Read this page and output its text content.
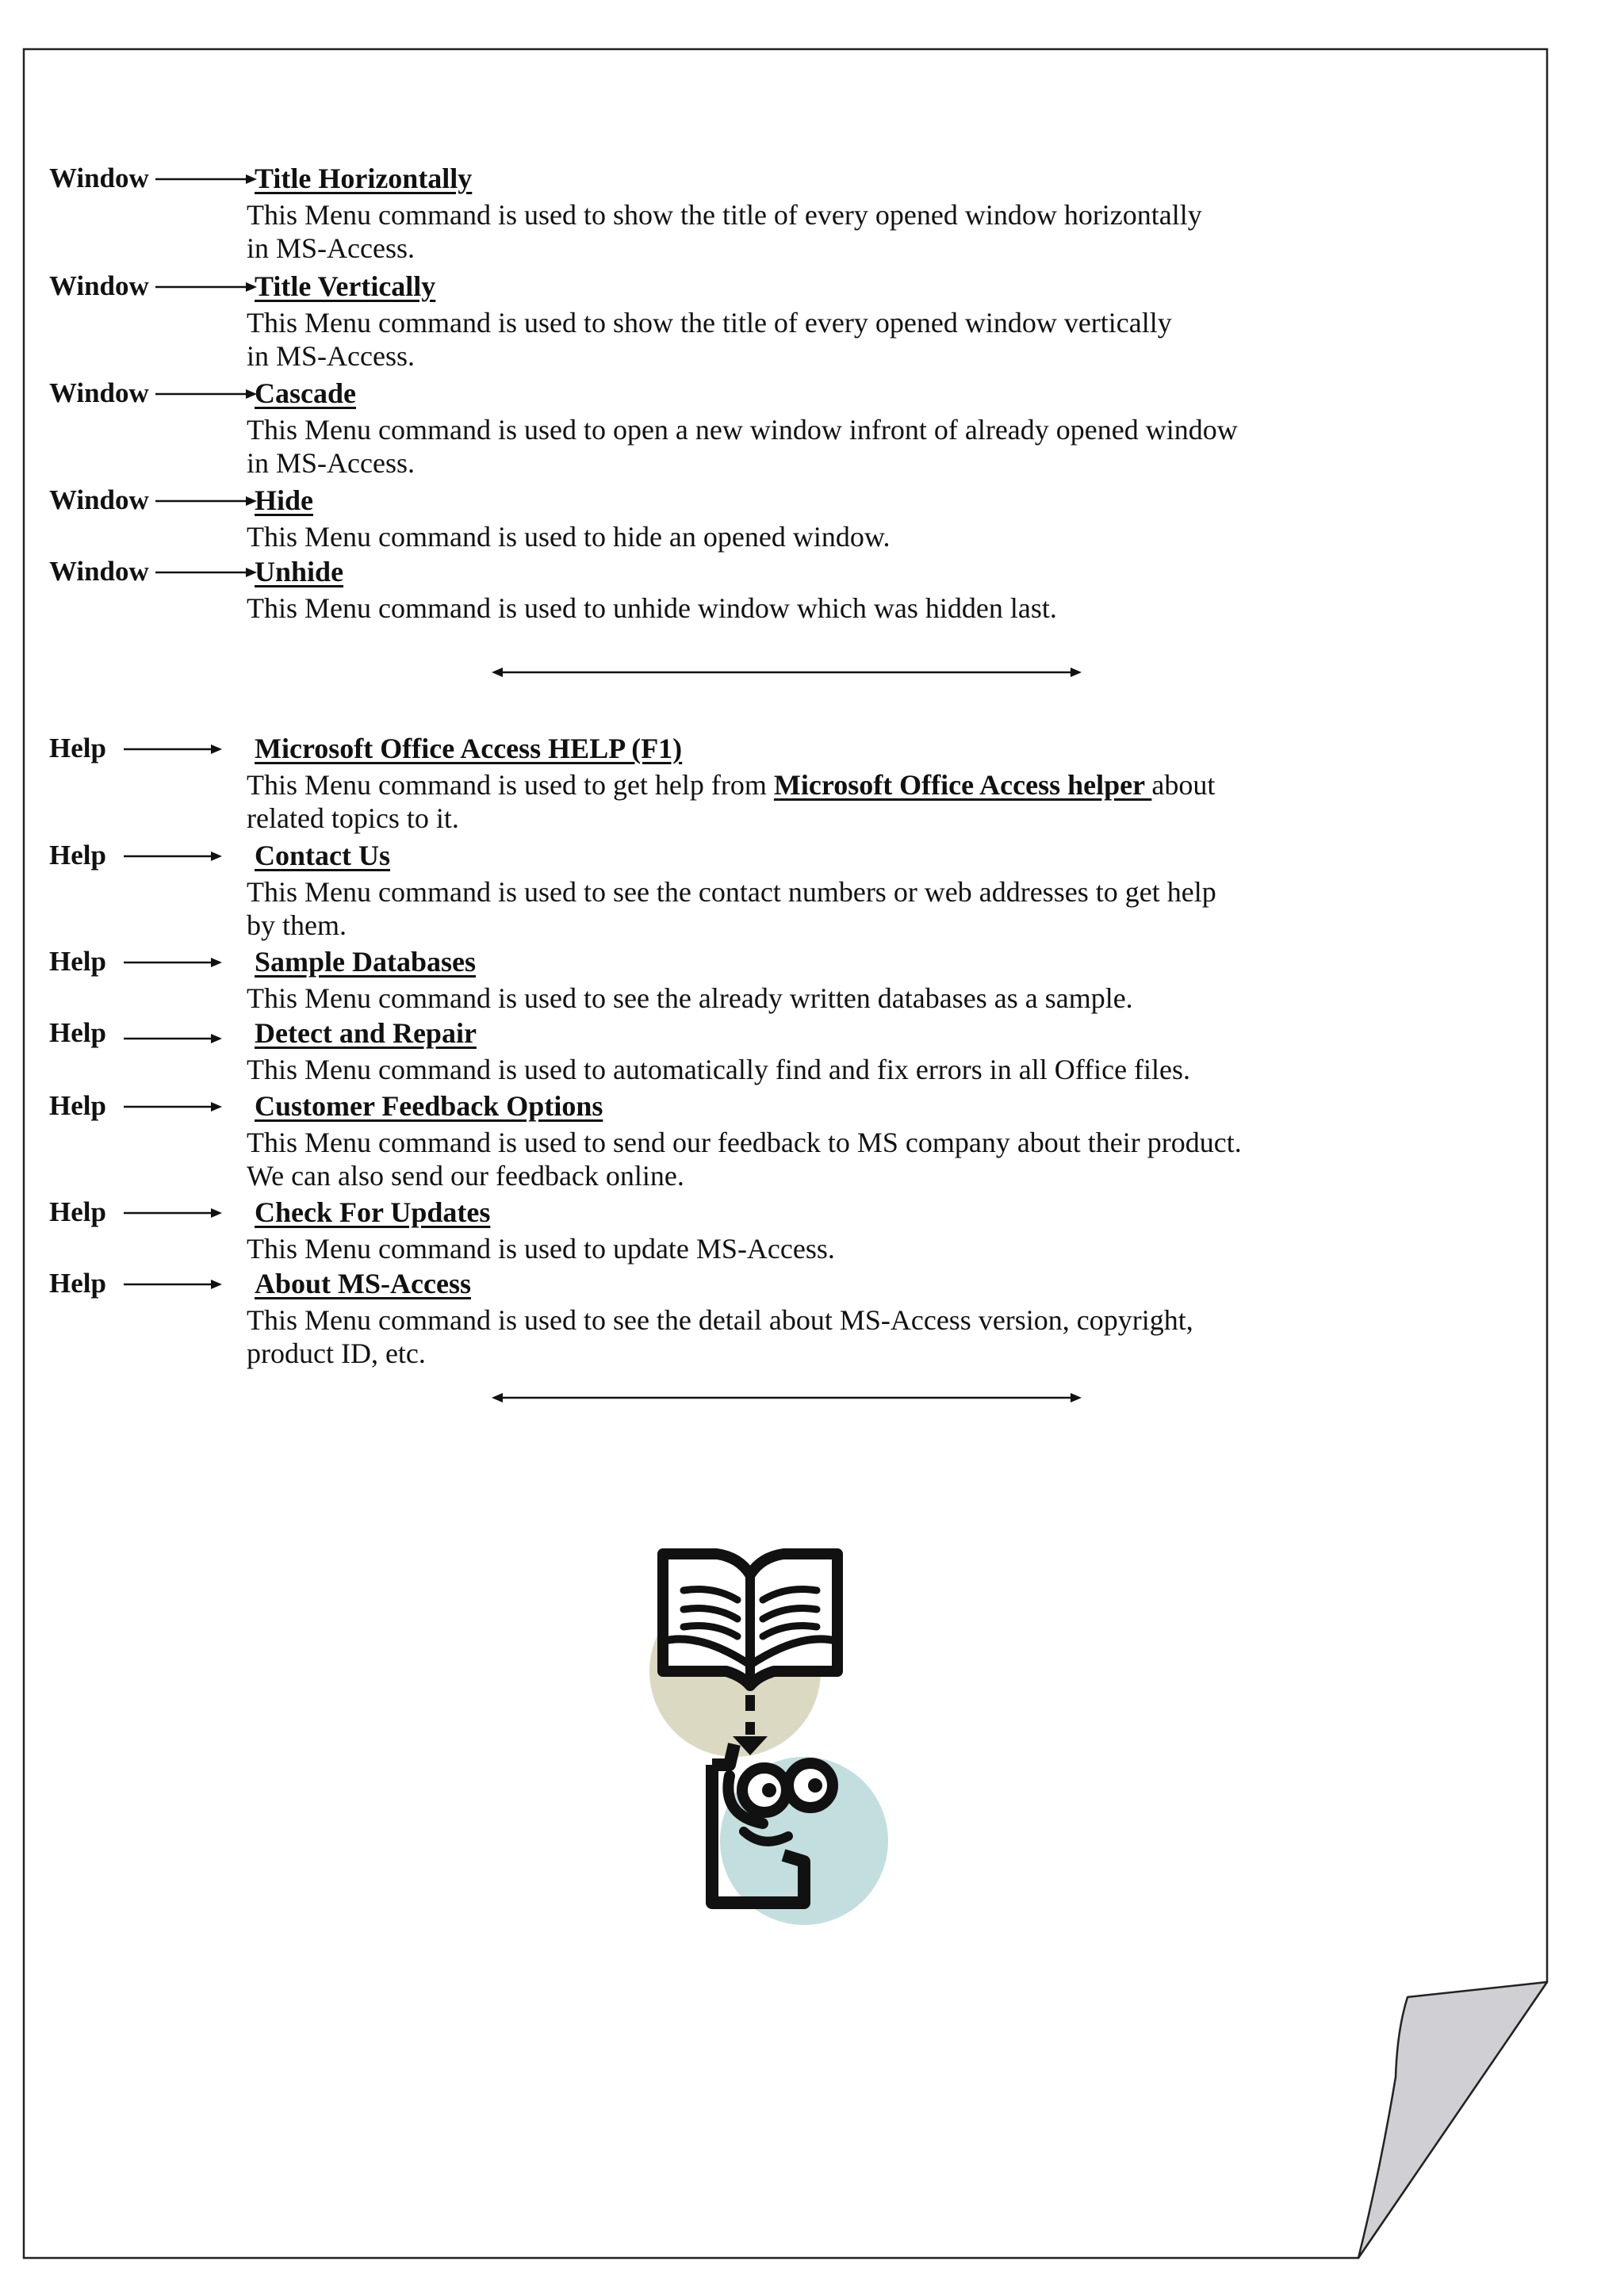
Window	Title Horizontally
This Menu command is used to show the title of every opened window horizontally
in MS-Access.
Window	Title Vertically
This Menu command is used to show the title of every opened window vertically
in MS-Access.
Window	Cascade
This Menu command is used to open a new window infront of already opened window
in MS-Access.
Window	Hide
This Menu command is used to hide an opened window.
Window	Unhide
This Menu command is used to unhide window which was hidden last.
Help	Microsoft Office Access HELP (F1)
This Menu command is used to get help from Microsoft Office Access helper about
related topics to it.
Help	Contact Us
This Menu command is used to see the contact numbers or web addresses to get help
by them.
Help	Sample Databases
This Menu command is used to see the already written databases as a sample.
Help	Detect and Repair
This Menu command is used to automatically find and fix errors in all Office files.
Help	Customer Feedback Options
This Menu command is used to send our feedback to MS company about their product.
We can also send our feedback online.
Help	Check For Updates
This Menu command is used to update MS-Access.
Help	About MS-Access
This Menu command is used to see the detail about MS-Access version, copyright,
product ID, etc.
